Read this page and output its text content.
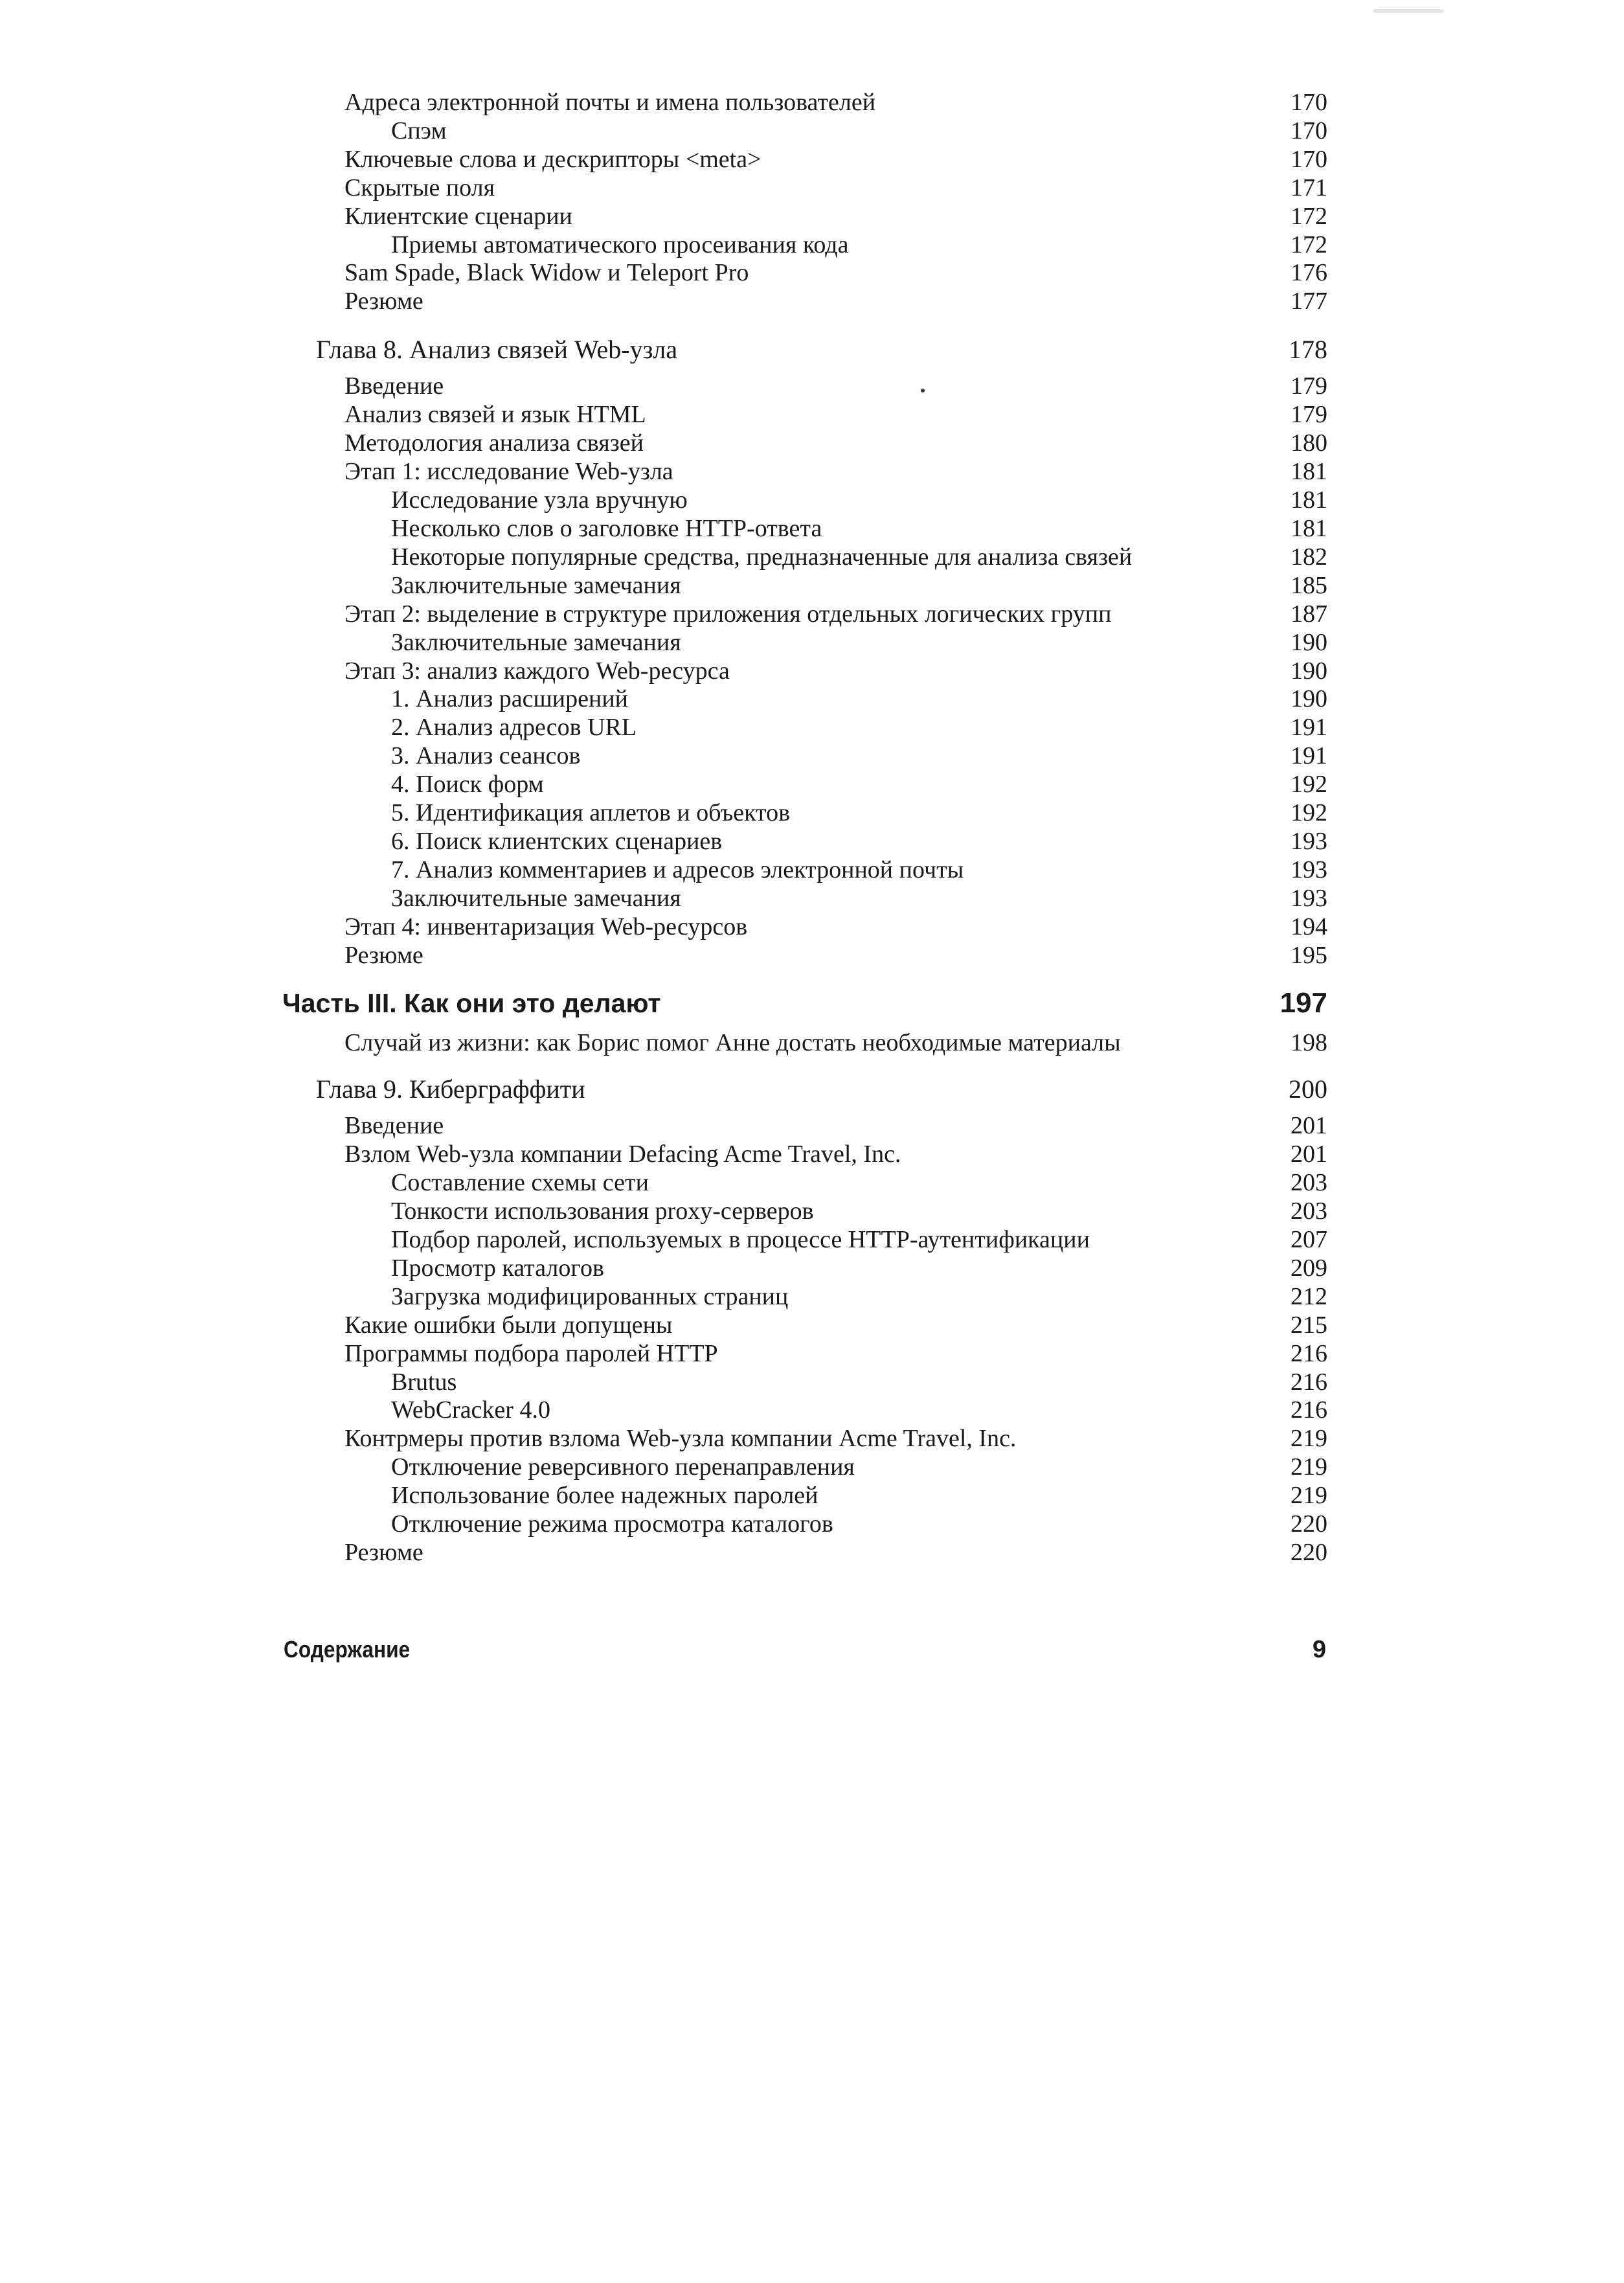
Адреса электронной почты и имена пользователей	170
Спэм	170
Ключевые слова и дескрипторы <meta>	170
Скрытые поля	171
Клиентские сценарии	172
Приемы автоматического просеивания кода	172
Sam Spade, Black Widow и Teleport Pro	176
Резюме	177
Глава 8. Анализ связей Web-узла	178
Введение	179
Анализ связей и язык HTML	179
Методология анализа связей	180
Этап 1: исследование Web-узла	181
Исследование узла вручную	181
Несколько слов о заголовке HTTP-ответа	181
Некоторые популярные средства, предназначенные для анализа связей	182
Заключительные замечания	185
Этап 2: выделение в структуре приложения отдельных логических групп	187
Заключительные замечания	190
Этап 3: анализ каждого Web-ресурса	190
1. Анализ расширений	190
2. Анализ адресов URL	191
3. Анализ сеансов	191
4. Поиск форм	192
5. Идентификация аплетов и объектов	192
6. Поиск клиентских сценариев	193
7. Анализ комментариев и адресов электронной почты	193
Заключительные замечания	193
Этап 4: инвентаризация Web-ресурсов	194
Резюме	195
Часть III. Как они это делают	197
Случай из жизни: как Борис помог Анне достать необходимые материалы	198
Глава 9. Киберграффити	200
Введение	201
Взлом Web-узла компании Defacing Acme Travel, Inc.	201
Составление схемы сети	203
Тонкости использования proxy-серверов	203
Подбор паролей, используемых в процессе HTTP-аутентификации	207
Просмотр каталогов	209
Загрузка модифицированных страниц	212
Какие ошибки были допущены	215
Программы подбора паролей HTTP	216
Brutus	216
WebCracker 4.0	216
Контрмеры против взлома Web-узла компании Acme Travel, Inc.	219
Отключение реверсивного перенаправления	219
Использование более надежных паролей	219
Отключение режима просмотра каталогов	220
Резюме	220
Содержание	9
